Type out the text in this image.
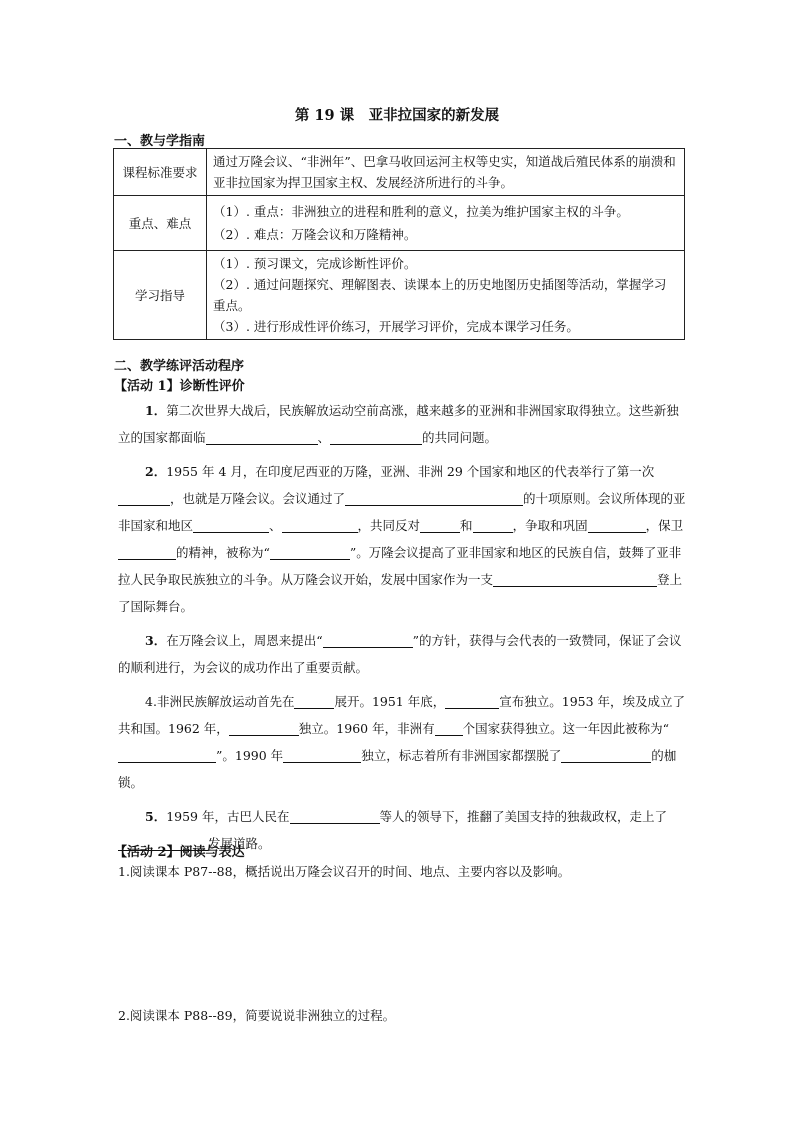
第 19 课　亚非拉国家的新发展
一、教与学指南
课程标准要求	通过万隆会议、“非洲年”、巴拿马收回运河主权等史实，知道战后殖民体系的崩溃和亚非拉国家为捍卫国家主权、发展经济所进行的斗争。

重点、难点	（1）. 重点：非洲独立的进程和胜利的意义，拉美为维护国家主权的斗争。
（2）. 难点：万隆会议和万隆精神。

学习指导	（1）. 预习课文，完成诊断性评价。
（2）. 通过问题探究、理解图表、读课本上的历史地图历史插图等活动，掌握学习重点。
（3）. 进行形成性评价练习，开展学习评价，完成本课学习任务。
二、教学练评活动程序
【活动 1】诊断性评价

1．第二次世界大战后，民族解放运动空前高涨，越来越多的亚洲和非洲国家取得独立。这些新独立的国家都面临	、	的共同问题。

2．1955 年 4 月，在印度尼西亚的万隆，亚洲、非洲 29 个国家和地区的代表举行了第一次，也就是万隆会议。会议通过了	的十项原则。会议所体现的亚非国家和地区	、	，共同反对	和	，争取和巩固	，保卫的精神，被称为“	”。万隆会议提高了亚非国家和地区的民族自信，鼓舞了亚非拉人民争取民族独立的斗争。从万隆会议开始，发展中国家作为一支	登上了国际舞台。

3．在万隆会议上，周恩来提出“	”的方针，获得与会代表的一致赞同，保证了会议的顺利进行，为会议的成功作出了重要贡献。

4.非洲民族解放运动首先在	展开。1951 年底，	宣布独立。1953 年，埃及成立了共和国。1962 年，	独立。1960 年，非洲有 个国家获得独立。这一年因此被称为“”。1990 年	独立，标志着所有非洲国家都摆脱了	的枷锁。

5．1959 年，古巴人民在	等人的领导下，推翻了美国支持的独裁政权，走上了发展道路。

【活动 2】阅读与表达
1.阅读课本 P87--88，概括说出万隆会议召开的时间、地点、主要内容以及影响。
2.阅读课本 P88--89，简要说说非洲独立的过程。
